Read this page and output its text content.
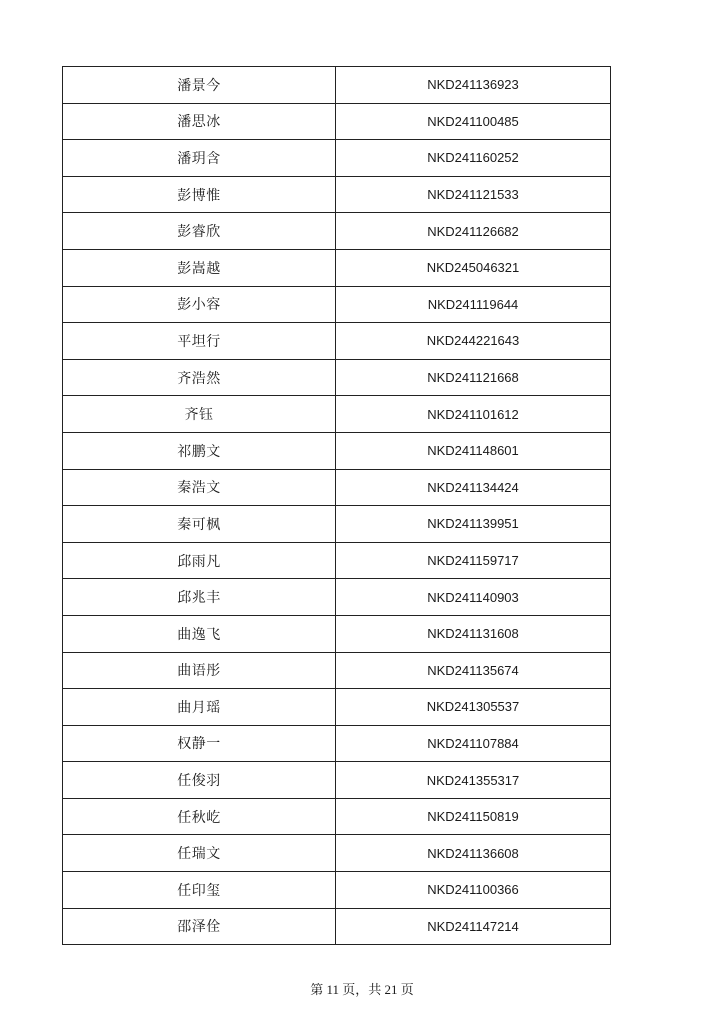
潘景今	NKD241136923
潘思冰	NKD241100485
潘玥含	NKD241160252
彭博惟	NKD241121533
彭睿欣	NKD241126682
彭嵩越	NKD245046321
彭小容	NKD241119644
平坦行	NKD244221643
齐浩然	NKD241121668
齐钰	NKD241101612
祁鹏文	NKD241148601
秦浩文	NKD241134424
秦可枫	NKD241139951
邱雨凡	NKD241159717
邱兆丰	NKD241140903
曲逸飞	NKD241131608
曲语彤	NKD241135674
曲月瑶	NKD241305537
权静一	NKD241107884
任俊羽	NKD241355317
任秋屹	NKD241150819
任瑞文	NKD241136608
任印玺	NKD241100366
邵泽佺	NKD241147214
第 11 页，共 21 页
